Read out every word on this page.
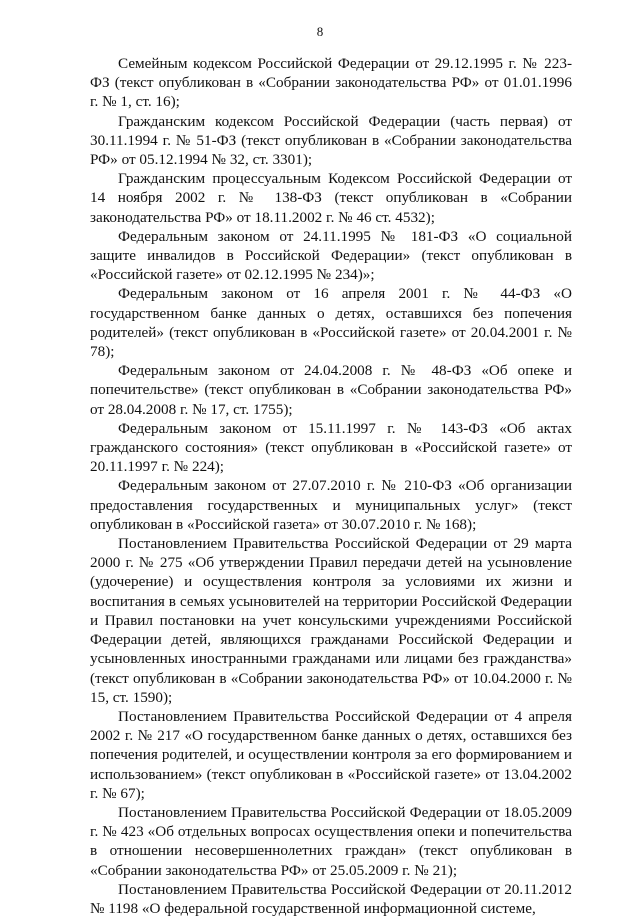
8

Семейным кодексом Российской Федерации от 29.12.1995 г. № 223-ФЗ (текст опубликован в «Собрании законодательства РФ» от 01.01.1996 г. № 1, ст. 16);

Гражданским кодексом Российской Федерации (часть первая) от 30.11.1994 г. № 51-ФЗ (текст опубликован в «Собрании законодательства РФ» от 05.12.1994 № 32, ст. 3301);

Гражданским процессуальным Кодексом Российской Федерации от 14 ноября 2002 г. № 138-ФЗ (текст опубликован в «Собрании законодательства РФ» от 18.11.2002 г. № 46 ст. 4532);

Федеральным законом от 24.11.1995 № 181-ФЗ «О социальной защите инвалидов в Российской Федерации» (текст опубликован в «Российской газете» от 02.12.1995 № 234)»;

Федеральным законом от 16 апреля 2001 г. № 44-ФЗ «О государственном банке данных о детях, оставшихся без попечения родителей» (текст опубликован в «Российской газете» от 20.04.2001 г. № 78);

Федеральным законом от 24.04.2008 г. № 48-ФЗ «Об опеке и попечительстве» (текст опубликован в «Собрании законодательства РФ» от 28.04.2008 г. № 17, ст. 1755);

Федеральным законом от 15.11.1997 г. № 143-ФЗ «Об актах гражданского состояния» (текст опубликован в «Российской газете» от 20.11.1997 г. № 224);

Федеральным законом от 27.07.2010 г. № 210-ФЗ «Об организации предоставления государственных и муниципальных услуг» (текст опубликован в «Российской газета» от 30.07.2010 г. № 168);

Постановлением Правительства Российской Федерации от 29 марта 2000 г. № 275 «Об утверждении Правил передачи детей на усыновление (удочерение) и осуществления контроля за условиями их жизни и воспитания в семьях усыновителей на территории Российской Федерации и Правил постановки на учет консульскими учреждениями Российской Федерации детей, являющихся гражданами Российской Федерации и усыновленных иностранными гражданами или лицами без гражданства» (текст опубликован в «Собрании законодательства РФ» от 10.04.2000 г. № 15, ст. 1590);

Постановлением Правительства Российской Федерации от 4 апреля 2002 г. № 217 «О государственном банке данных о детях, оставшихся без попечения родителей, и осуществлении контроля за его формированием и использованием» (текст опубликован в «Российской газете» от 13.04.2002 г. № 67);

Постановлением Правительства Российской Федерации от 18.05.2009 г. № 423 «Об отдельных вопросах осуществления опеки и попечительства в отношении несовершеннолетних граждан» (текст опубликован в «Собрании законодательства РФ» от 25.05.2009 г. № 21);

Постановлением Правительства Российской Федерации от 20.11.2012 № 1198 «О федеральной государственной информационной системе,
